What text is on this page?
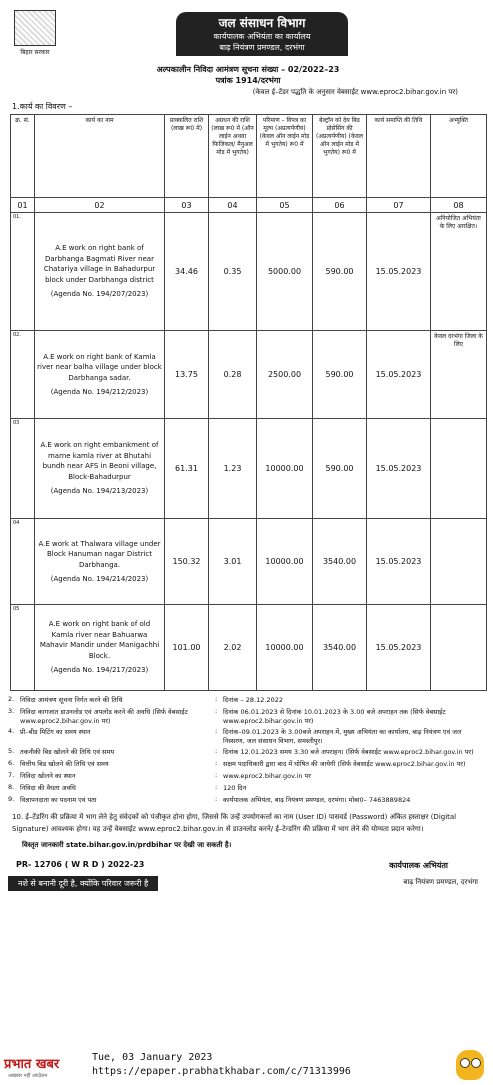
बिहार सरकार
जल संसाधन विभाग
कार्यपालक अभियंता का कार्यालय
बाढ़ नियंत्रण प्रमण्डल, दरभंगा
अल्पकालीन निविदा आमंत्रण सूचना संख्या – 02/2022–23
पत्रांक 1914/दरभंगा
(केवल ई–टेंडर पद्धति के अनुसार वेबसाईट www.eproc2.bihar.gov.in पर)
1.कार्य का विवरण –
क्र. सं.	कार्य का नाम	प्राक्कलित राशि (लाख रू0 में)	अग्रधन की राशि (लाख रू0 में (ऑन लाईन अथवा फिजिकल/ मैनुअल मोड में भुगतेय)	परिमाण – विपत्र का मूल्य (अप्रत्यर्पणीय) (केवल ऑन लाईन मोड में भुगतेय) रू0 में	बेल्ट्रॉन को देय बिड प्रोसेसिंग की (अप्रत्यर्पणीय) (केवल ऑन लाईन मोड में भुगतेय) रू0 में	कार्य समाप्ति की तिथि	अभ्युक्ति
01	02	03	04	05	06	07	08
01.	A.E work on right bank of Darbhanga Bagmati River near Chatariya village in Bahadurpur block under Darbhanga district
(Agenda No. 194/207/2023)	34.46	0.35	5000.00	590.00	15.05.2023	अनियोजित अभियंता के लिए आरक्षित।
02.	A.E work on right bank of Kamla river near balha village under block Darbhanga sadar.
(Agenda No. 194/212/2023)	13.75	0.28	2500.00	590.00	15.05.2023	केवल दरभंगा जिला के लिए
03	A.E work on right embankment of marne kamla river at Bhutahi bundh near AFS in Beoni village, Block-Bahadurpur
(Agenda No. 194/213/2023)	61.31	1.23	10000.00	590.00	15.05.2023	
04	A.E work at Thalwara village under Block Hanuman nagar District Darbhanga.
(Agenda No. 194/214/2023)	150.32	3.01	10000.00	3540.00	15.05.2023	
05	A.E work on right bank of old Kamla river near Bahuarwa Mahavir Mandir under Manigachhi Block.
(Agenda No. 194/217/2023)	101.00	2.02	10000.00	3540.00	15.05.2023	
2. निविदा आमंत्रण सूचना निर्गत करने की तिथि	: दिनांक – 28.12.2022
3. निविदा कागजात डाउनलोड एवं अपलोड करने की अवधि (सिर्फ वेबसाईट www.eproc2.bihar.gov.in पर)
: दिनांक 06.01.2023 से दिनांक 10.01.2023 के 3.00 बजे अपराहन तक (सिर्फ वेबसाईट www.eproc2.bihar.gov.in पर)
4. प्री–बीड मिटिंग का समय स्थान	: दिनांक–09.01.2023 के 3.00बजे अपराहन में, मुख्य अभियंता का कार्यालय, बाढ़ नियंत्रण एवं जल निस्सरण, जल संसाधन विभाग, समस्तीपुर।
5. तकनीकी बिड खोलने की तिथि एवं समय	: दिनांक 12.01.2023 समय 3.30 बजे अपराहन। (सिर्फ वेबसाईट www.eproc2.bihar.gov.in पर)
6. वित्तीय बिड खोलने की तिथि एवं समय	: सक्षम पदाधिकारी द्वारा बाद में घोषित की जायेगी (सिर्फ वेबसाईट www.eproc2.bihar.gov.in पर)
7. निविदा खोलने का स्थान	: www.eproc2.bihar.gov.in पर
8. निविदा की वैधता अवधि	: 120 दिन
9. विज्ञापनदाता का पदनाम एवं पता	: कार्यपालक अभियंता, बाढ़ नियंत्रण प्रमण्डल, दरभंगा। मोबा0– 7463889824
10. ई–टेंडरिंग की प्रक्रिया में भाग लेने हेतु संवेदकों को पंजीकृत होना होगा, जिससे कि उन्हें उपयोगकर्त्ता का नाम (User ID) पासवर्ड (Password) अंकित हस्ताक्षर (Digital Signature) आवश्यक होगा। यह उन्हें वेबसाईट www.eproc2.bihar.gov.in से डाउनलोड करने/ ई–टेन्डरिंग की प्रक्रिया में भाग लेने की योग्यता प्रदान करेगा।
विस्तृत जानकारी state.bihar.gov.in/prdbihar पर देखी जा सकती है।
PR- 12706 ( W R D ) 2022-23
नशे से बनानी दूरी है, क्योंकि परिवार जरूरी है
कार्यपालक अभियंता
बाढ़ नियंत्रण प्रमण्डल, दरभंगा
प्रभात खबर
अखबार नहीं आंदोलन
Tue, 03 January 2023
https://epaper.prabhatkhabar.com/c/71313996
